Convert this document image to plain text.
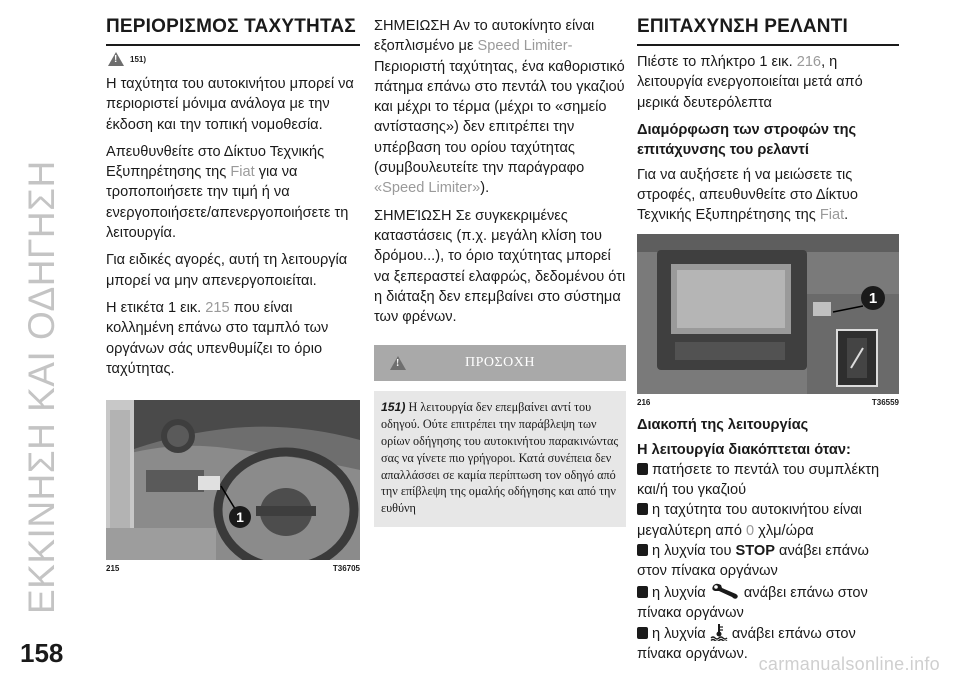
ΕΚΚΙΝΗΣΗ ΚΑΙ ΟΔΗΓΗΣΗ
158	carmanualsonline.info
ΠΕΡΙΟΡΙΣΜΟΣ ΤΑΧΥΤΗΤΑΣ
!
151)

Η ταχύτητα του αυτοκινήτου μπορεί να περιοριστεί μόνιμα ανάλογα με την έκδοση και την τοπική νομοθεσία.

Απευθυνθείτε στο Δίκτυο Τεχνικής Εξυπηρέτησης της Fiat για να τροποποιήσετε την τιμή ή να ενεργοποιήσετε/απενεργοποιήσετε τη λειτουργία.

Για ειδικές αγορές, αυτή τη λειτουργία μπορεί να μην απενεργοποιείται.

Η ετικέτα 1 εικ. 215 που είναι κολλημένη επάνω στο ταμπλό των οργάνων σάς υπενθυμίζει το όριο ταχύτητας.

1
215	T36705

ΣΗΜΕΙΩΣΗ Αν το αυτοκίνητο είναι εξοπλισμένο με Speed Limiter-Περιοριστή ταχύτητας, ένα καθοριστικό πάτημα επάνω στο πεντάλ του γκαζιού και μέχρι το τέρμα (μέχρι το «σημείο αντίστασης») δεν επιτρέπει την υπέρβαση του ορίου ταχύτητας (συμβουλευτείτε την παράγραφο «Speed Limiter»).

ΣΗΜΕΊΩΣΗ Σε συγκεκριμένες καταστάσεις (π.χ. μεγάλη κλίση του δρόμου...), το όριο ταχύτητας μπορεί να ξεπεραστεί ελαφρώς, δεδομένου ότι η διάταξη δεν επεμβαίνει στο σύστημα των φρένων.

!
ΠΡΟΣΟΧΗ
151) Η λειτουργία δεν επεμβαίνει αντί του οδηγού. Ούτε επιτρέπει την παράβλεψη των ορίων οδήγησης του αυτοκινήτου παρακινώντας σας να γίνετε πιο γρήγοροι. Κατά συνέπεια δεν απαλλάσσει σε καμία περίπτωση τον οδηγό από την επίβλεψη της ομαλής οδήγησης και από την ευθύνη
ΕΠΙΤΑΧΥΝΣΗ ΡΕΛΑΝΤΙ

Πιέστε το πλήκτρο 1 εικ. 216, η λειτουργία ενεργοποιείται μετά από μερικά δευτερόλεπτα

Διαμόρφωση των στροφών της επιτάχυνσης του ρελαντί

Για να αυξήσετε ή να μειώσετε τις στροφές, απευθυνθείτε στο Δίκτυο Τεχνικής Εξυπηρέτησης της Fiat.

1
216	T36559

Διακοπή της λειτουργίας

Η λειτουργία διακόπτεται όταν:

πατήσετε το πεντάλ του συμπλέκτη και/ή του γκαζιού

η ταχύτητα του αυτοκινήτου είναι μεγαλύτερη από 0 χλμ/ώρα

η λυχνία του STOP ανάβει επάνω στον πίνακα οργάνων

η λυχνία	ανάβει επάνω στον πίνακα οργάνων

η λυχνία ανάβει επάνω στον πίνακα οργάνων.
